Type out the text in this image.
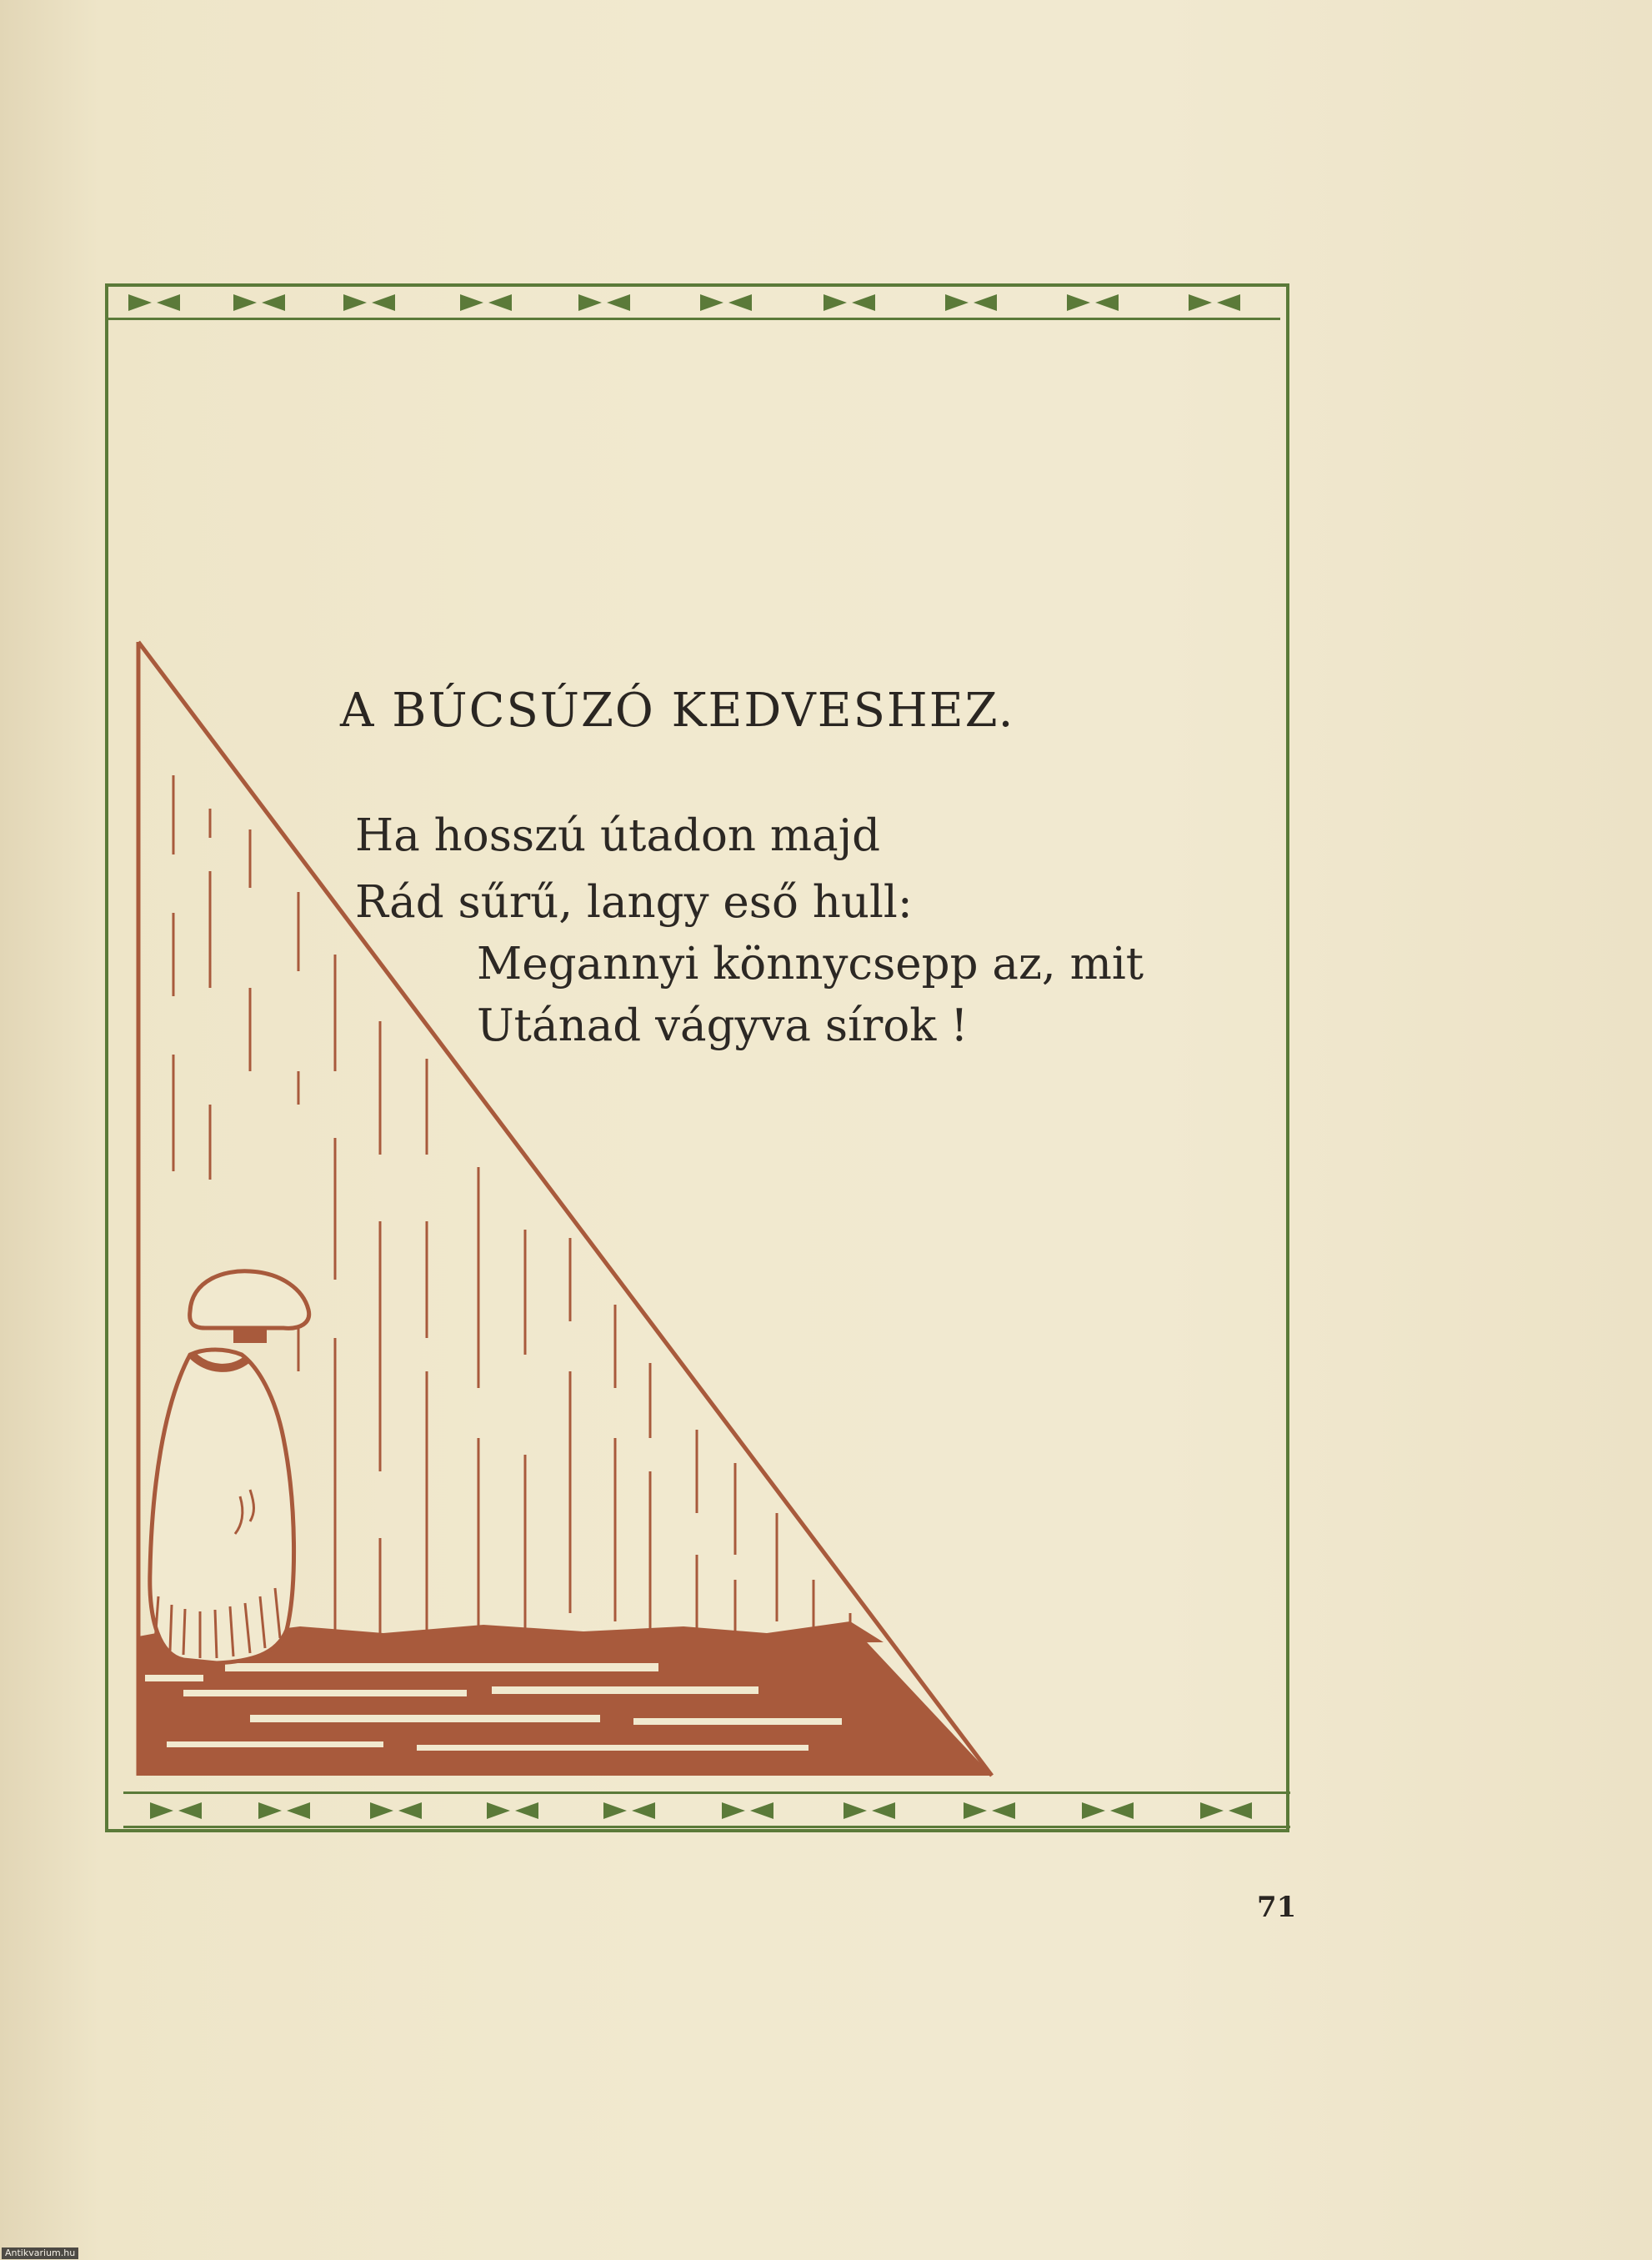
A BÚCSÚZÓ KEDVESHEZ.

Ha hosszú útadon majd

Rád sűrű, langy eső hull:

Megannyi könnycsepp az, mit

Utánad vágyva sírok !

71
Antikvarium.hu
